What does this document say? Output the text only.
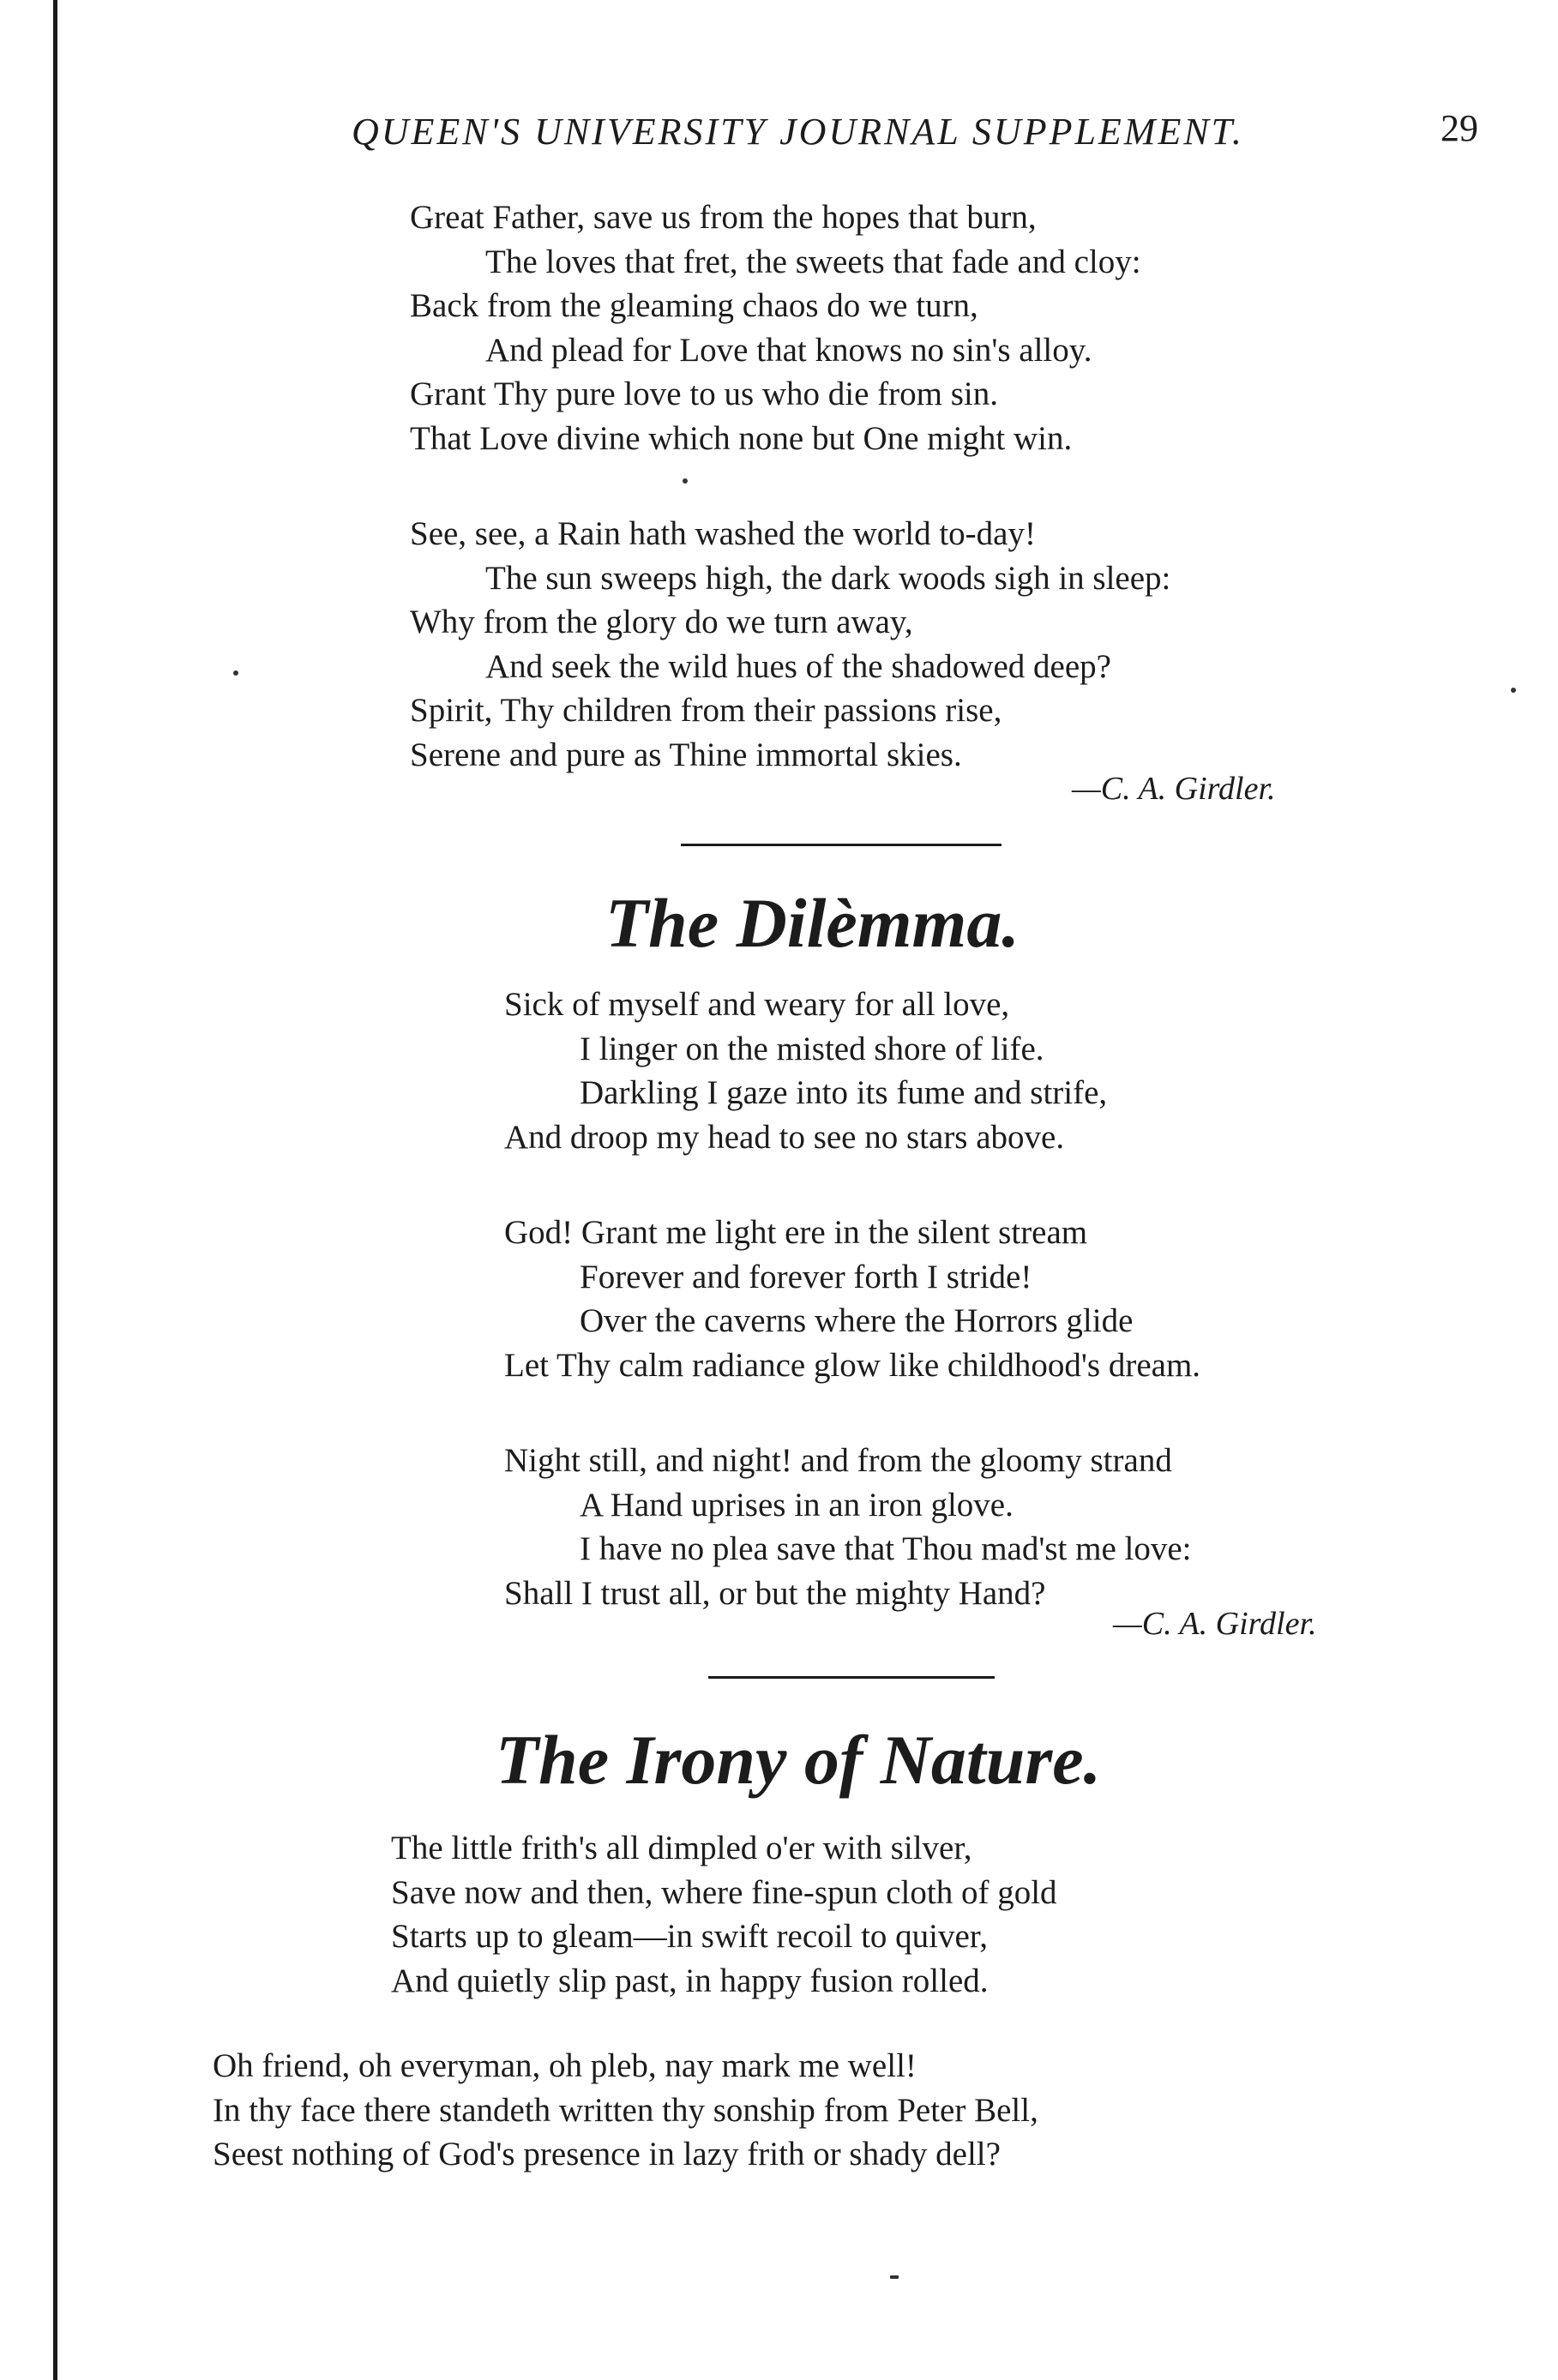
QUEEN'S UNIVERSITY JOURNAL SUPPLEMENT.	29
Great Father, save us from the hopes that burn,
The loves that fret, the sweets that fade and cloy:
Back from the gleaming chaos do we turn,
And plead for Love that knows no sin's alloy.
Grant Thy pure love to us who die from sin.
That Love divine which none but One might win.
See, see, a Rain hath washed the world to-day!
The sun sweeps high, the dark woods sigh in sleep:
Why from the glory do we turn away,
And seek the wild hues of the shadowed deep?
Spirit, Thy children from their passions rise,
Serene and pure as Thine immortal skies.
—C. A. Girdler.
The Dilèmma.
Sick of myself and weary for all love,
I linger on the misted shore of life.
Darkling I gaze into its fume and strife,
And droop my head to see no stars above.
God! Grant me light ere in the silent stream
Forever and forever forth I stride!
Over the caverns where the Horrors glide
Let Thy calm radiance glow like childhood's dream.
Night still, and night! and from the gloomy strand
A Hand uprises in an iron glove.
I have no plea save that Thou mad'st me love:
Shall I trust all, or but the mighty Hand?
—C. A. Girdler.
The Irony of Nature.
The little frith's all dimpled o'er with silver,
Save now and then, where fine-spun cloth of gold
Starts up to gleam—in swift recoil to quiver,
And quietly slip past, in happy fusion rolled.
Oh friend, oh everyman, oh pleb, nay mark me well!
In thy face there standeth written thy sonship from Peter Bell,
Seest nothing of God's presence in lazy frith or shady dell?
